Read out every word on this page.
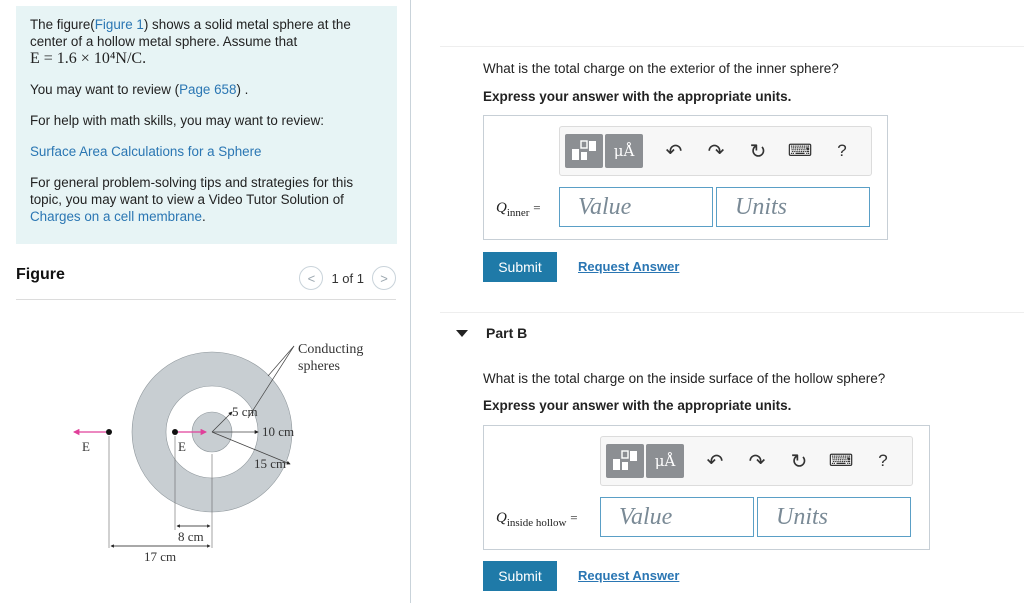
The figure(Figure 1) shows a solid metal sphere at the center of a hollow metal sphere. Assume that
E = 1.6 × 10⁴N/C.

You may want to review (Page 658) .

For help with math skills, you may want to review:

Surface Area Calculations for a Sphere

For general problem-solving tips and strategies for this topic, you may want to view a Video Tutor Solution of Charges on a cell membrane.

Figure	< 1 of 1 >
Conducting
spheres
5 cm
10 cm
15 cm
E	E
8 cm
17 cm
What is the total charge on the exterior of the inner sphere?
Express your answer with the appropriate units.
μÅ	↶	↷	↻	⌨	?
$Q_{inner}$ =	Value	Units
Submit	Request Answer
Part B
What is the total charge on the inside surface of the hollow sphere?
Express your answer with the appropriate units.
μÅ	↶	↷	↻	⌨	?
$Q_{inside hollow}$ =	Value	Units
Submit	Request Answer
